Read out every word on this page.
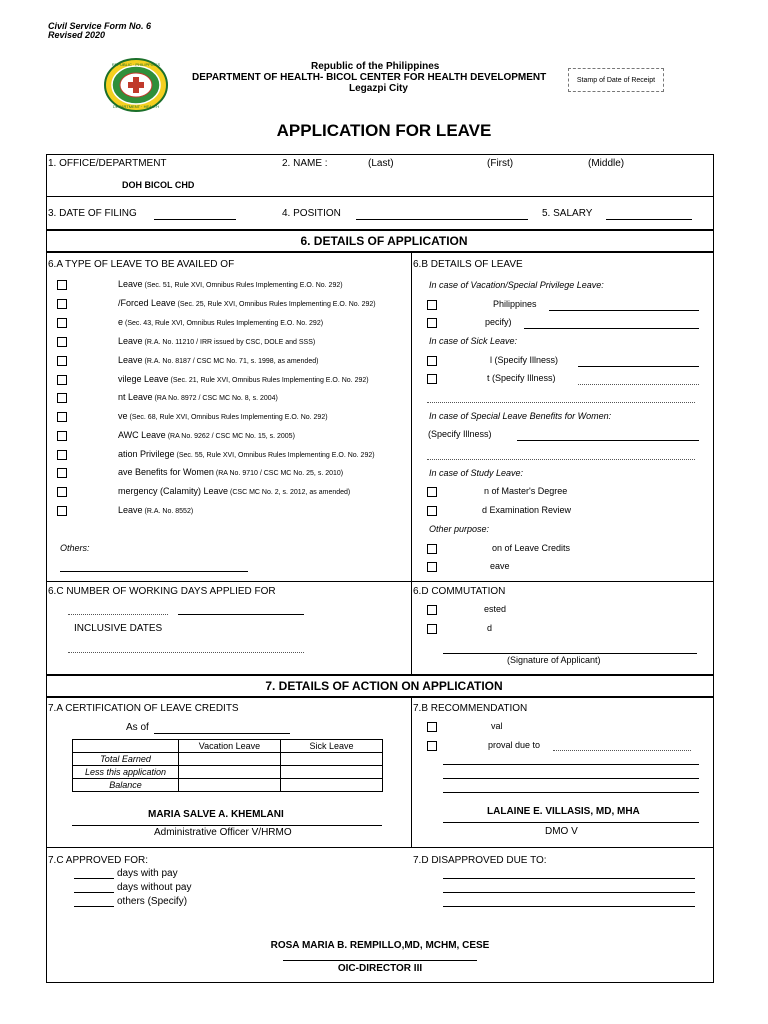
Civil Service Form No. 6
Revised 2020
REPUBLIC · PHILIPPINES
DEPARTMENT · HEALTH
Republic of the Philippines
DEPARTMENT OF HEALTH- BICOL CENTER FOR HEALTH DEVELOPMENT
Legazpi City
Stamp of Date of Receipt
APPLICATION FOR LEAVE
1. OFFICE/DEPARTMENT
DOH BICOL CHD
2. NAME :	(Last)	(First)	(Middle)
3. DATE OF FILING	4. POSITION	5. SALARY
6. DETAILS OF APPLICATION
6.A TYPE OF LEAVE TO BE AVAILED OF	6.B DETAILS OF LEAVE
Leave (Sec. 51, Rule XVI, Omnibus Rules Implementing E.O. No. 292)
/Forced Leave (Sec. 25, Rule XVI, Omnibus Rules Implementing E.O. No. 292)
e (Sec. 43, Rule XVI, Omnibus Rules Implementing E.O. No. 292)
Leave (R.A. No. 11210 / IRR issued by CSC, DOLE and SSS)
Leave (R.A. No. 8187 / CSC MC No. 71, s. 1998, as amended)
vilege Leave (Sec. 21, Rule XVI, Omnibus Rules Implementing E.O. No. 292)
nt Leave (RA No. 8972 / CSC MC No. 8, s. 2004)
ve (Sec. 68, Rule XVI, Omnibus Rules Implementing E.O. No. 292)
AWC Leave (RA No. 9262 / CSC MC No. 15, s. 2005)
ation Privilege (Sec. 55, Rule XVI, Omnibus Rules Implementing E.O. No. 292)
ave Benefits for Women (RA No. 9710 / CSC MC No. 25, s. 2010)
mergency (Calamity) Leave (CSC MC No. 2, s. 2012, as amended)
Leave (R.A. No. 8552)
Others:
In case of Vacation/Special Privilege Leave:
Philippines
pecify)
In case of Sick Leave:
l (Specify Illness)
t (Specify Illness)
In case of Special Leave Benefits for Women:
(Specify Illness)
In case of Study Leave:
n of Master's Degree
d Examination Review
Other purpose:
on of Leave Credits
eave
6.C NUMBER OF WORKING DAYS APPLIED FOR
INCLUSIVE DATES
6.D COMMUTATION
ested
d
(Signature of Applicant)
7. DETAILS OF ACTION ON APPLICATION
7.A CERTIFICATION OF LEAVE CREDITS
As of
	Vacation Leave	Sick Leave
Total Earned		
Less this application		
Balance		
MARIA SALVE A. KHEMLANI
Administrative Officer V/HRMO
7.B RECOMMENDATION
val
proval due to
LALAINE E. VILLASIS, MD, MHA
DMO V
7.C APPROVED FOR:
days with pay
days without pay
others (Specify)
7.D DISAPPROVED DUE TO:
ROSA MARIA B. REMPILLO,MD, MCHM, CESE
OIC-DIRECTOR III
